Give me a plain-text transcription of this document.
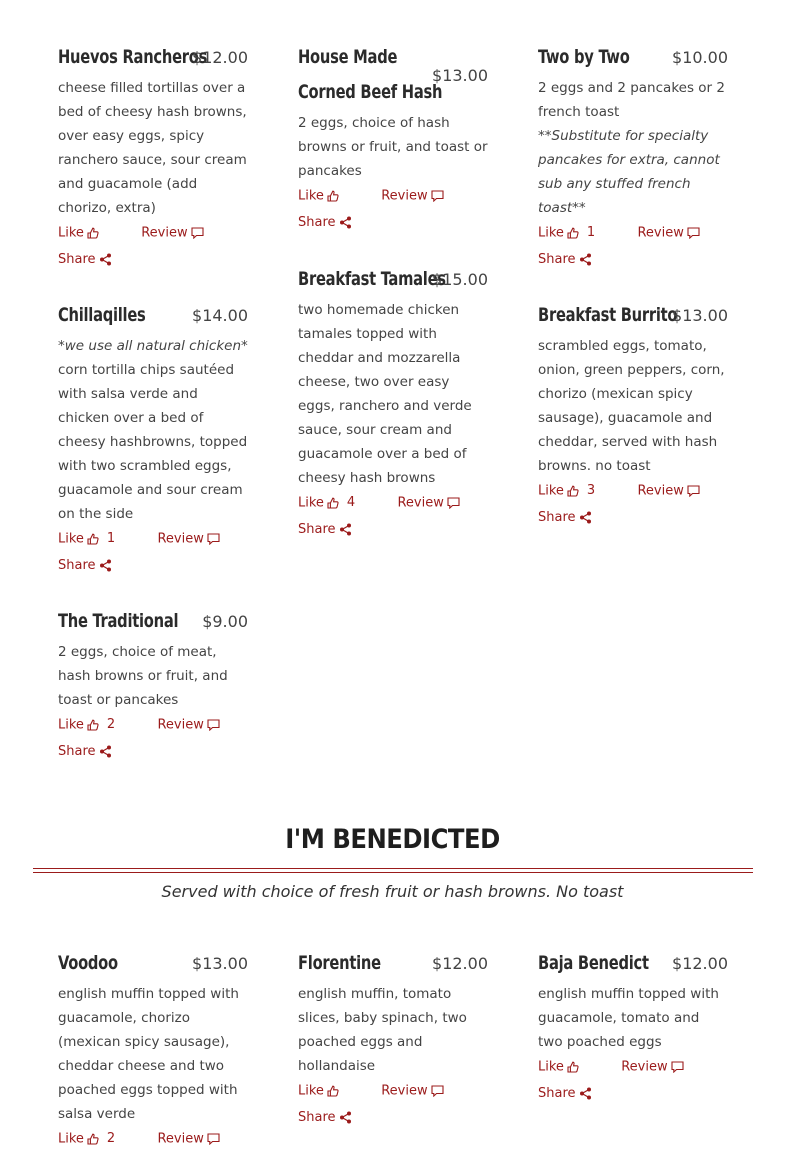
Huevos Rancheros
$12.00
cheese filled tortillas over a bed of cheesy hash browns, over easy eggs, spicy ranchero sauce, sour cream and guacamole (add chorizo, extra)
Like	Review
Share
House Made
Corned Beef Hash
$13.00
2 eggs, choice of hash browns or fruit, and toast or pancakes
Like	Review
Share
Two by Two	$10.00
2 eggs and 2 pancakes or 2 french toast
**Substitute for specialty pancakes for extra, cannot sub any stuffed french toast**
Like 1	Review
Share
Breakfast Tamales
$15.00
two homemade chicken tamales topped with cheddar and mozzarella cheese, two over easy eggs, ranchero and verde sauce, sour cream and guacamole over a bed of cheesy hash browns
Like 4	Review
Share
Chillaqilles	$14.00
*we use all natural chicken*
corn tortilla chips sautéed with salsa verde and chicken over a bed of cheesy hashbrowns, topped with two scrambled eggs, guacamole and sour cream on the side
Like 1	Review
Share
Breakfast Burrito
$13.00
scrambled eggs, tomato, onion, green peppers, corn, chorizo (mexican spicy sausage), guacamole and cheddar, served with hash browns. no toast
Like 3	Review
Share
The Traditional	$9.00
2 eggs, choice of meat, hash browns or fruit, and toast or pancakes
Like 2	Review
Share
I'M BENEDICTED
Served with choice of fresh fruit or hash browns. No toast
Voodoo	$13.00
english muffin topped with guacamole, chorizo (mexican spicy sausage), cheddar cheese and two poached eggs topped with salsa verde
Like 2	Review
Florentine	$12.00
english muffin, tomato slices, baby spinach, two poached eggs and hollandaise
Like	Review
Share
Baja Benedict	$12.00
english muffin topped with guacamole, tomato and two poached eggs
Like	Review
Share
